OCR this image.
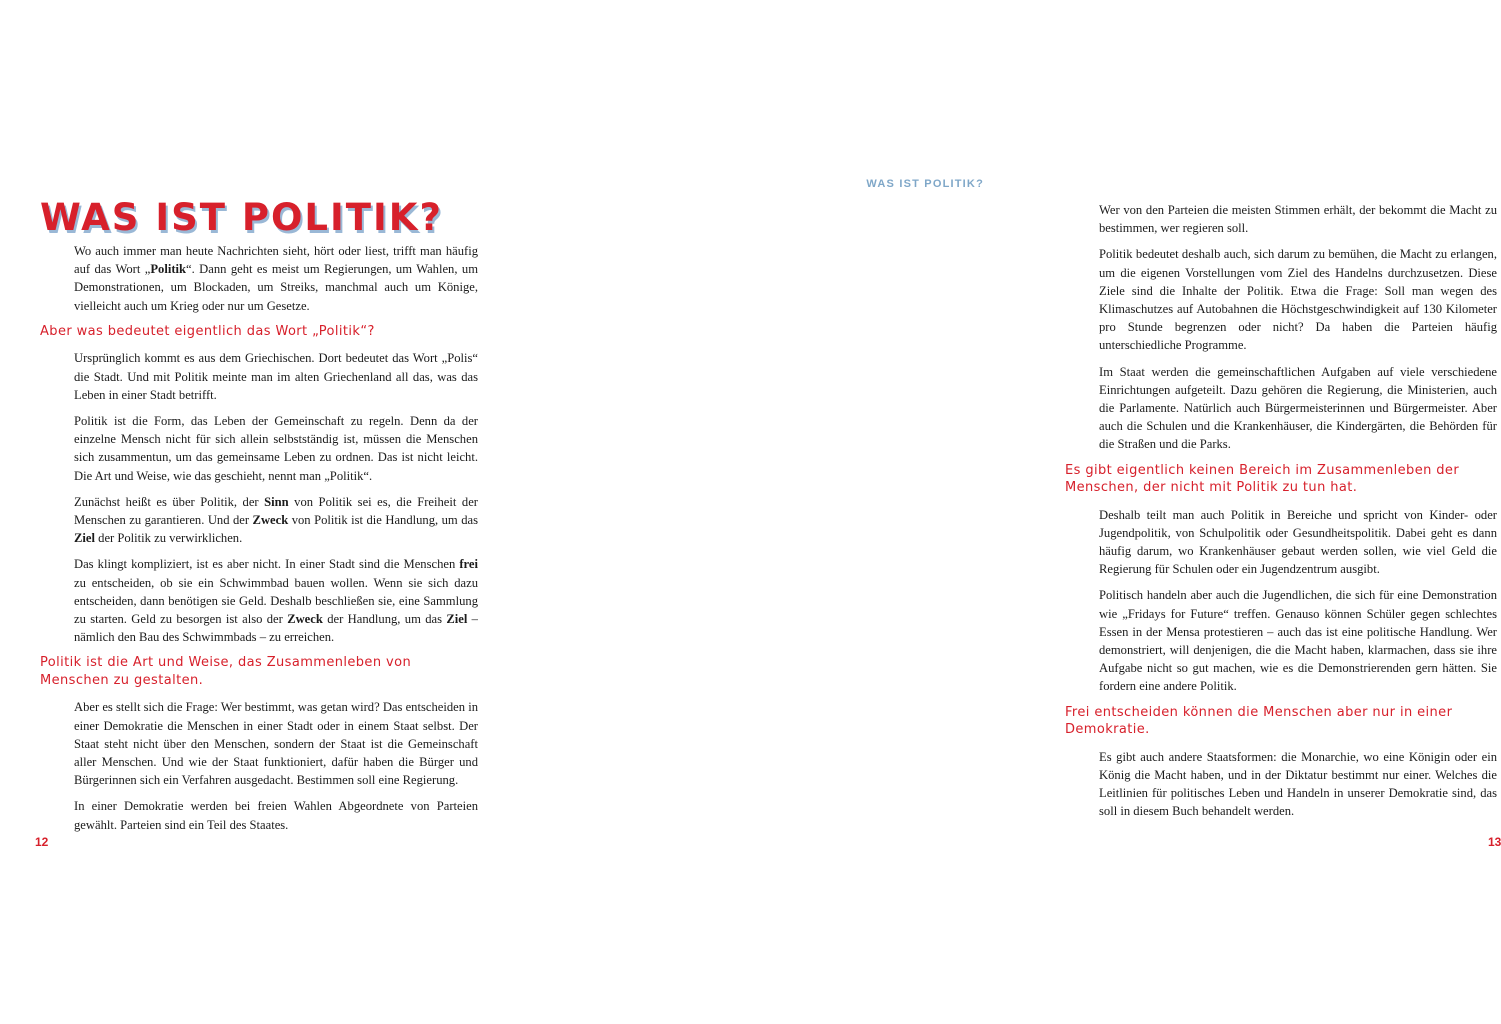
WAS IST POLITIK?

Wo auch immer man heute Nachrichten sieht, hört oder liest, trifft man häufig auf das Wort „Politik“. Dann geht es meist um Regierungen, um Wahlen, um Demonstrationen, um Blockaden, um Streiks, manchmal auch um Könige, vielleicht auch um Krieg oder nur um Gesetze.

Aber was bedeutet eigentlich das Wort „Politik“?

Ursprünglich kommt es aus dem Griechischen. Dort bedeutet das Wort „Polis“ die Stadt. Und mit Politik meinte man im alten Griechenland all das, was das Leben in einer Stadt betrifft.

Politik ist die Form, das Leben der Gemeinschaft zu regeln. Denn da der einzelne Mensch nicht für sich allein selbstständig ist, müssen die Menschen sich zusammentun, um das gemeinsame Leben zu ordnen. Das ist nicht leicht. Die Art und Weise, wie das geschieht, nennt man „Politik“.

Zunächst heißt es über Politik, der Sinn von Politik sei es, die Freiheit der Menschen zu garantieren. Und der Zweck von Politik ist die Handlung, um das Ziel der Politik zu verwirklichen.

Das klingt kompliziert, ist es aber nicht. In einer Stadt sind die Menschen frei zu entscheiden, ob sie ein Schwimmbad bauen wollen. Wenn sie sich dazu entscheiden, dann benötigen sie Geld. Deshalb beschließen sie, eine Sammlung zu starten. Geld zu besorgen ist also der Zweck der Handlung, um das Ziel – nämlich den Bau des Schwimmbads – zu erreichen.

Politik ist die Art und Weise, das Zusammenleben von Menschen zu gestalten.

Aber es stellt sich die Frage: Wer bestimmt, was getan wird? Das entscheiden in einer Demokratie die Menschen in einer Stadt oder in einem Staat selbst. Der Staat steht nicht über den Menschen, sondern der Staat ist die Gemeinschaft aller Menschen. Und wie der Staat funktioniert, dafür haben die Bürger und Bürgerinnen sich ein Verfahren ausgedacht. Bestimmen soll eine Regierung.

In einer Demokratie werden bei freien Wahlen Abgeordnete von Parteien gewählt. Parteien sind ein Teil des Staates.

12

WAS IST POLITIK?

Wer von den Parteien die meisten Stimmen erhält, der bekommt die Macht zu bestimmen, wer regieren soll.

Politik bedeutet deshalb auch, sich darum zu bemühen, die Macht zu erlangen, um die eigenen Vorstellungen vom Ziel des Handelns durchzusetzen. Diese Ziele sind die Inhalte der Politik. Etwa die Frage: Soll man wegen des Klimaschutzes auf Autobahnen die Höchstgeschwindigkeit auf 130 Kilometer pro Stunde begrenzen oder nicht? Da haben die Parteien häufig unterschiedliche Programme.

Im Staat werden die gemeinschaftlichen Aufgaben auf viele verschiedene Einrichtungen aufgeteilt. Dazu gehören die Regierung, die Ministerien, auch die Parlamente. Natürlich auch Bürgermeisterinnen und Bürgermeister. Aber auch die Schulen und die Krankenhäuser, die Kindergärten, die Behörden für die Straßen und die Parks.

Es gibt eigentlich keinen Bereich im Zusammenleben der Menschen, der nicht mit Politik zu tun hat.

Deshalb teilt man auch Politik in Bereiche und spricht von Kinder- oder Jugendpolitik, von Schulpolitik oder Gesundheitspolitik. Dabei geht es dann häufig darum, wo Krankenhäuser gebaut werden sollen, wie viel Geld die Regierung für Schulen oder ein Jugendzentrum ausgibt.

Politisch handeln aber auch die Jugendlichen, die sich für eine Demonstration wie „Fridays for Future“ treffen. Genauso können Schüler gegen schlechtes Essen in der Mensa protestieren – auch das ist eine politische Handlung. Wer demonstriert, will denjenigen, die die Macht haben, klarmachen, dass sie ihre Aufgabe nicht so gut machen, wie es die Demonstrierenden gern hätten. Sie fordern eine andere Politik.

Frei entscheiden können die Menschen aber nur in einer Demokratie.

Es gibt auch andere Staatsformen: die Monarchie, wo eine Königin oder ein König die Macht haben, und in der Diktatur bestimmt nur einer. Welches die Leitlinien für politisches Leben und Handeln in unserer Demokratie sind, das soll in diesem Buch behandelt werden.

13
